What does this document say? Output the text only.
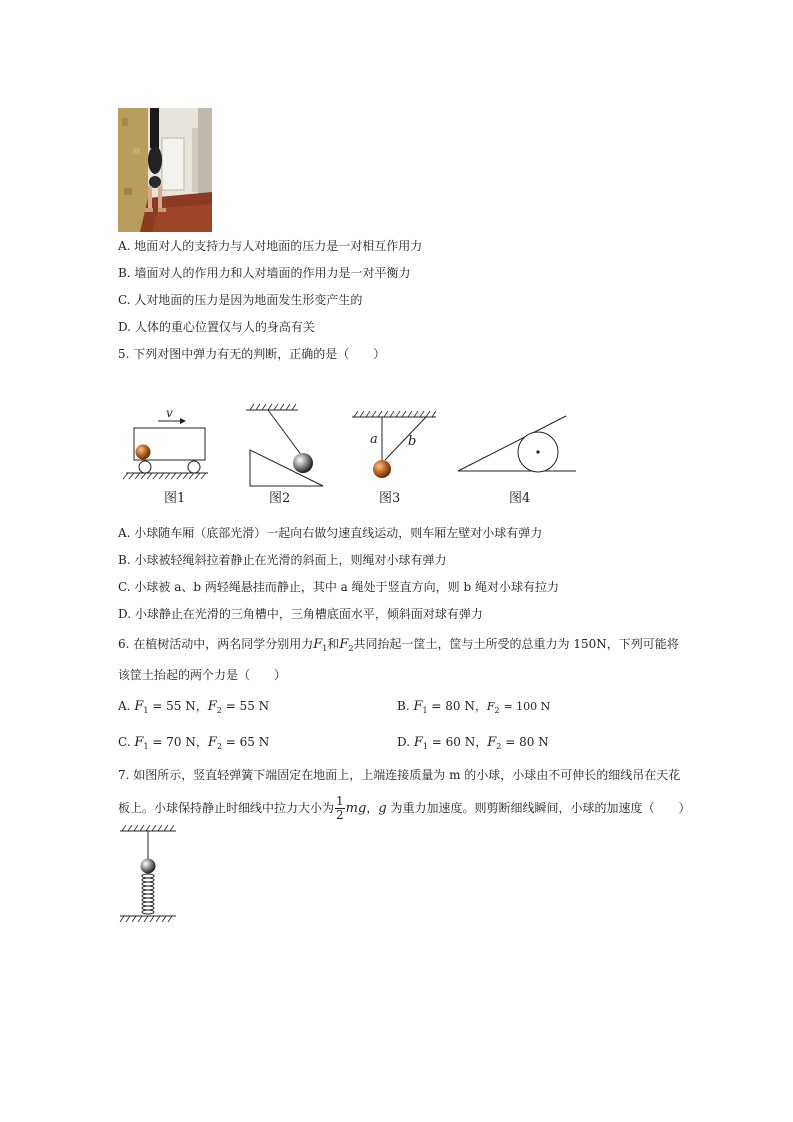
A. 地面对人的支持力与人对地面的压力是一对相互作用力
B. 墙面对人的作用力和人对墙面的作用力是一对平衡力
C. 人对地面的压力是因为地面发生形变产生的
D. 人体的重心位置仅与人的身高有关
5. 下列对图中弹力有无的判断，正确的是（　　）
v
a b
图1	图2	图3	图4
A. 小球随车厢（底部光滑）一起向右做匀速直线运动，则车厢左壁对小球有弹力
B. 小球被轻绳斜拉着静止在光滑的斜面上，则绳对小球有弹力
C. 小球被 a、b 两轻绳悬挂而静止，其中 a 绳处于竖直方向，则 b 绳对小球有拉力
D. 小球静止在光滑的三角槽中，三角槽底面水平，倾斜面对球有弹力
6. 在植树活动中，两名同学分别用力$F_1$和$F_2$共同抬起一筐土，筐与土所受的总重力为 150N，下列可能将
该筐土抬起的两个力是（　　）
A. $F_1 = 55$ N，$F_2 = 55$ N	B. $F_1 = 80$ N，$F_2 = 100$ N
C. $F_1 = 70$ N，$F_2 = 65$ N	D. $F_1 = 60$ N，$F_2 = 80$ N
7. 如图所示，竖直轻弹簧下端固定在地面上，上端连接质量为 m 的小球，小球由不可伸长的细线吊在天花
板上。小球保持静止时细线中拉力大小为 $\frac{1}{2}$ mg，g 为重力加速度。则剪断细线瞬间，小球的加速度（　　）
